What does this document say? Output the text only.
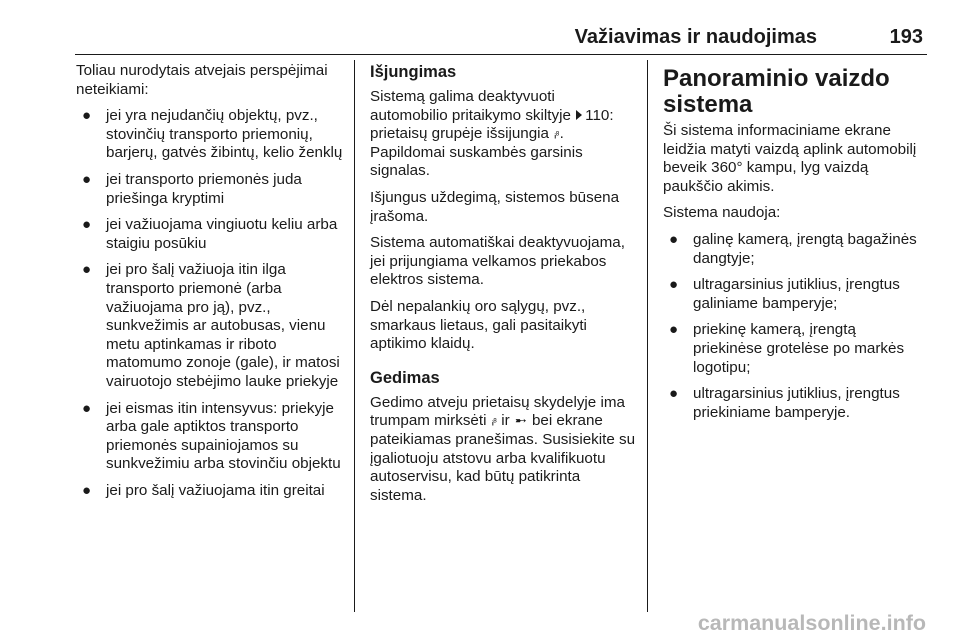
Važiavimas ir naudojimas	193

Toliau nurodytais atvejais perspėjimai neteikiami:

● jei yra nejudančių objektų, pvz., stovinčių transporto priemonių, barjerų, gatvės žibintų, kelio ženklų
● jei transporto priemonės juda priešinga kryptimi
● jei važiuojama vingiuotu keliu arba staigiu posūkiu
● jei pro šalį važiuoja itin ilga transporto priemonė (arba važiuojama pro ją), pvz., sunkvežimis ar autobusas, vienu metu aptinkamas ir riboto matomumo zonoje (gale), ir matosi vairuotojo stebėjimo lauke priekyje
● jei eismas itin intensyvus: priekyje arba gale aptiktos transporto priemonės supainiojamos su sunkvežimiu arba stovinčiu objektu
● jei pro šalį važiuojama itin greitai
Išjungimas

Sistemą galima deaktyvuoti automobilio pritaikymo skiltyje 110: prietaisų grupėje išsijungia ᵢᵢ⁸. Papildomai suskambės garsinis signalas.

Išjungus uždegimą, sistemos būsena įrašoma.

Sistema automatiškai deaktyvuojama, jei prijungiama velkamos priekabos elektros sistema.

Dėl nepalankių oro sąlygų, pvz., smarkaus lietaus, gali pasitaikyti aptikimo klaidų.

Gedimas

Gedimo atveju prietaisų skydelyje ima trumpam mirksėti ᵢᵢ⁸ ir ➸ bei ekrane pateikiamas pranešimas. Susisiekite su įgaliotuoju atstovu arba kvalifikuotu autoservisu, kad būtų patikrinta sistema.

Panoraminio vaizdo sistema

Ši sistema informaciniame ekrane leidžia matyti vaizdą aplink automobilį beveik 360° kampu, lyg vaizdą paukščio akimis.

Sistema naudoja:

● galinę kamerą, įrengtą bagažinės dangtyje;
● ultragarsinius jutiklius, įrengtus galiniame bamperyje;
● priekinę kamerą, įrengtą priekinėse grotelėse po markės logotipu;
● ultragarsinius jutiklius, įrengtus priekiniame bamperyje.
carmanualsonline.info
